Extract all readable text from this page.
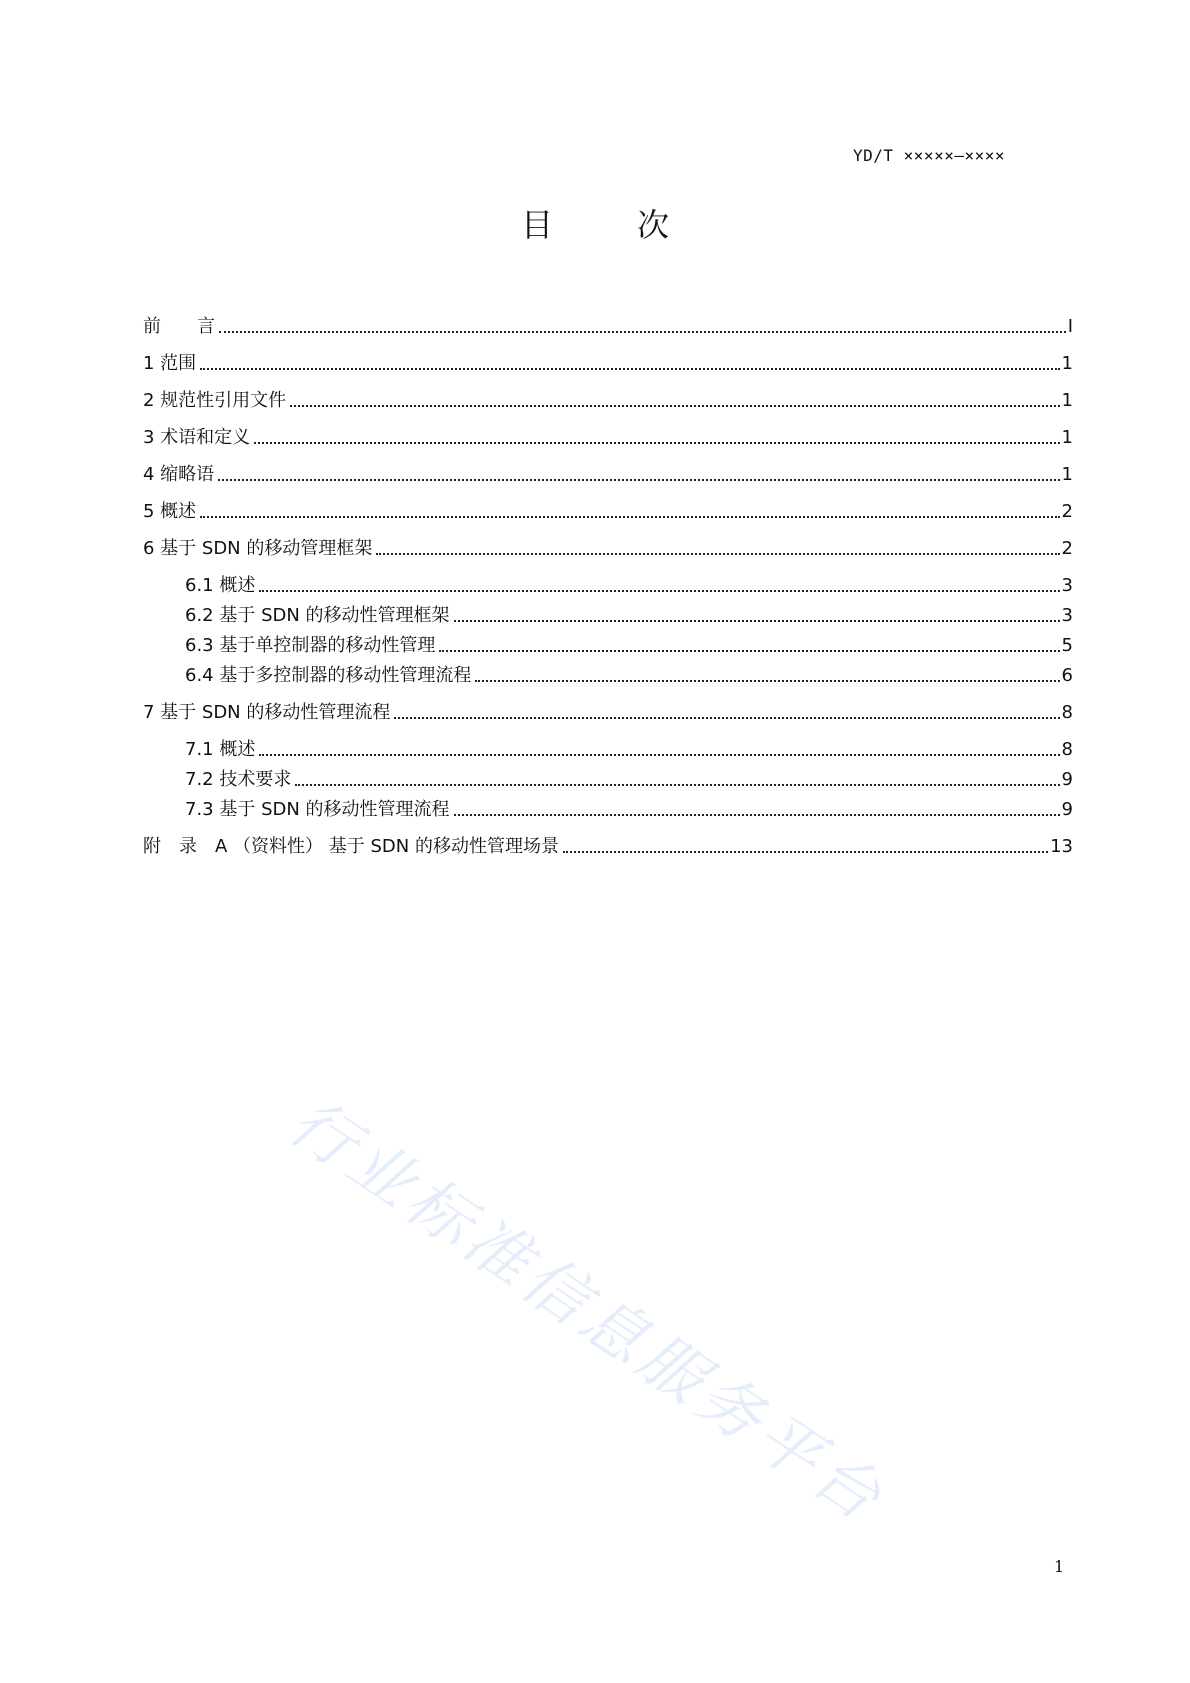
YD/T ×××××—××××
目　次
前　　言	I
1 范围	1
2 规范性引用文件	1
3 术语和定义	1
4 缩略语	1
5 概述	2
6 基于 SDN 的移动管理框架	2
6.1 概述	3
6.2 基于 SDN 的移动性管理框架	3
6.3 基于单控制器的移动性管理	5
6.4 基于多控制器的移动性管理流程	6
7 基于 SDN 的移动性管理流程	8
7.1 概述	8
7.2 技术要求	9
7.3 基于 SDN 的移动性管理流程	9
附　录　A （资料性） 基于 SDN 的移动性管理场景	13
行业标准信息服务平台
1
